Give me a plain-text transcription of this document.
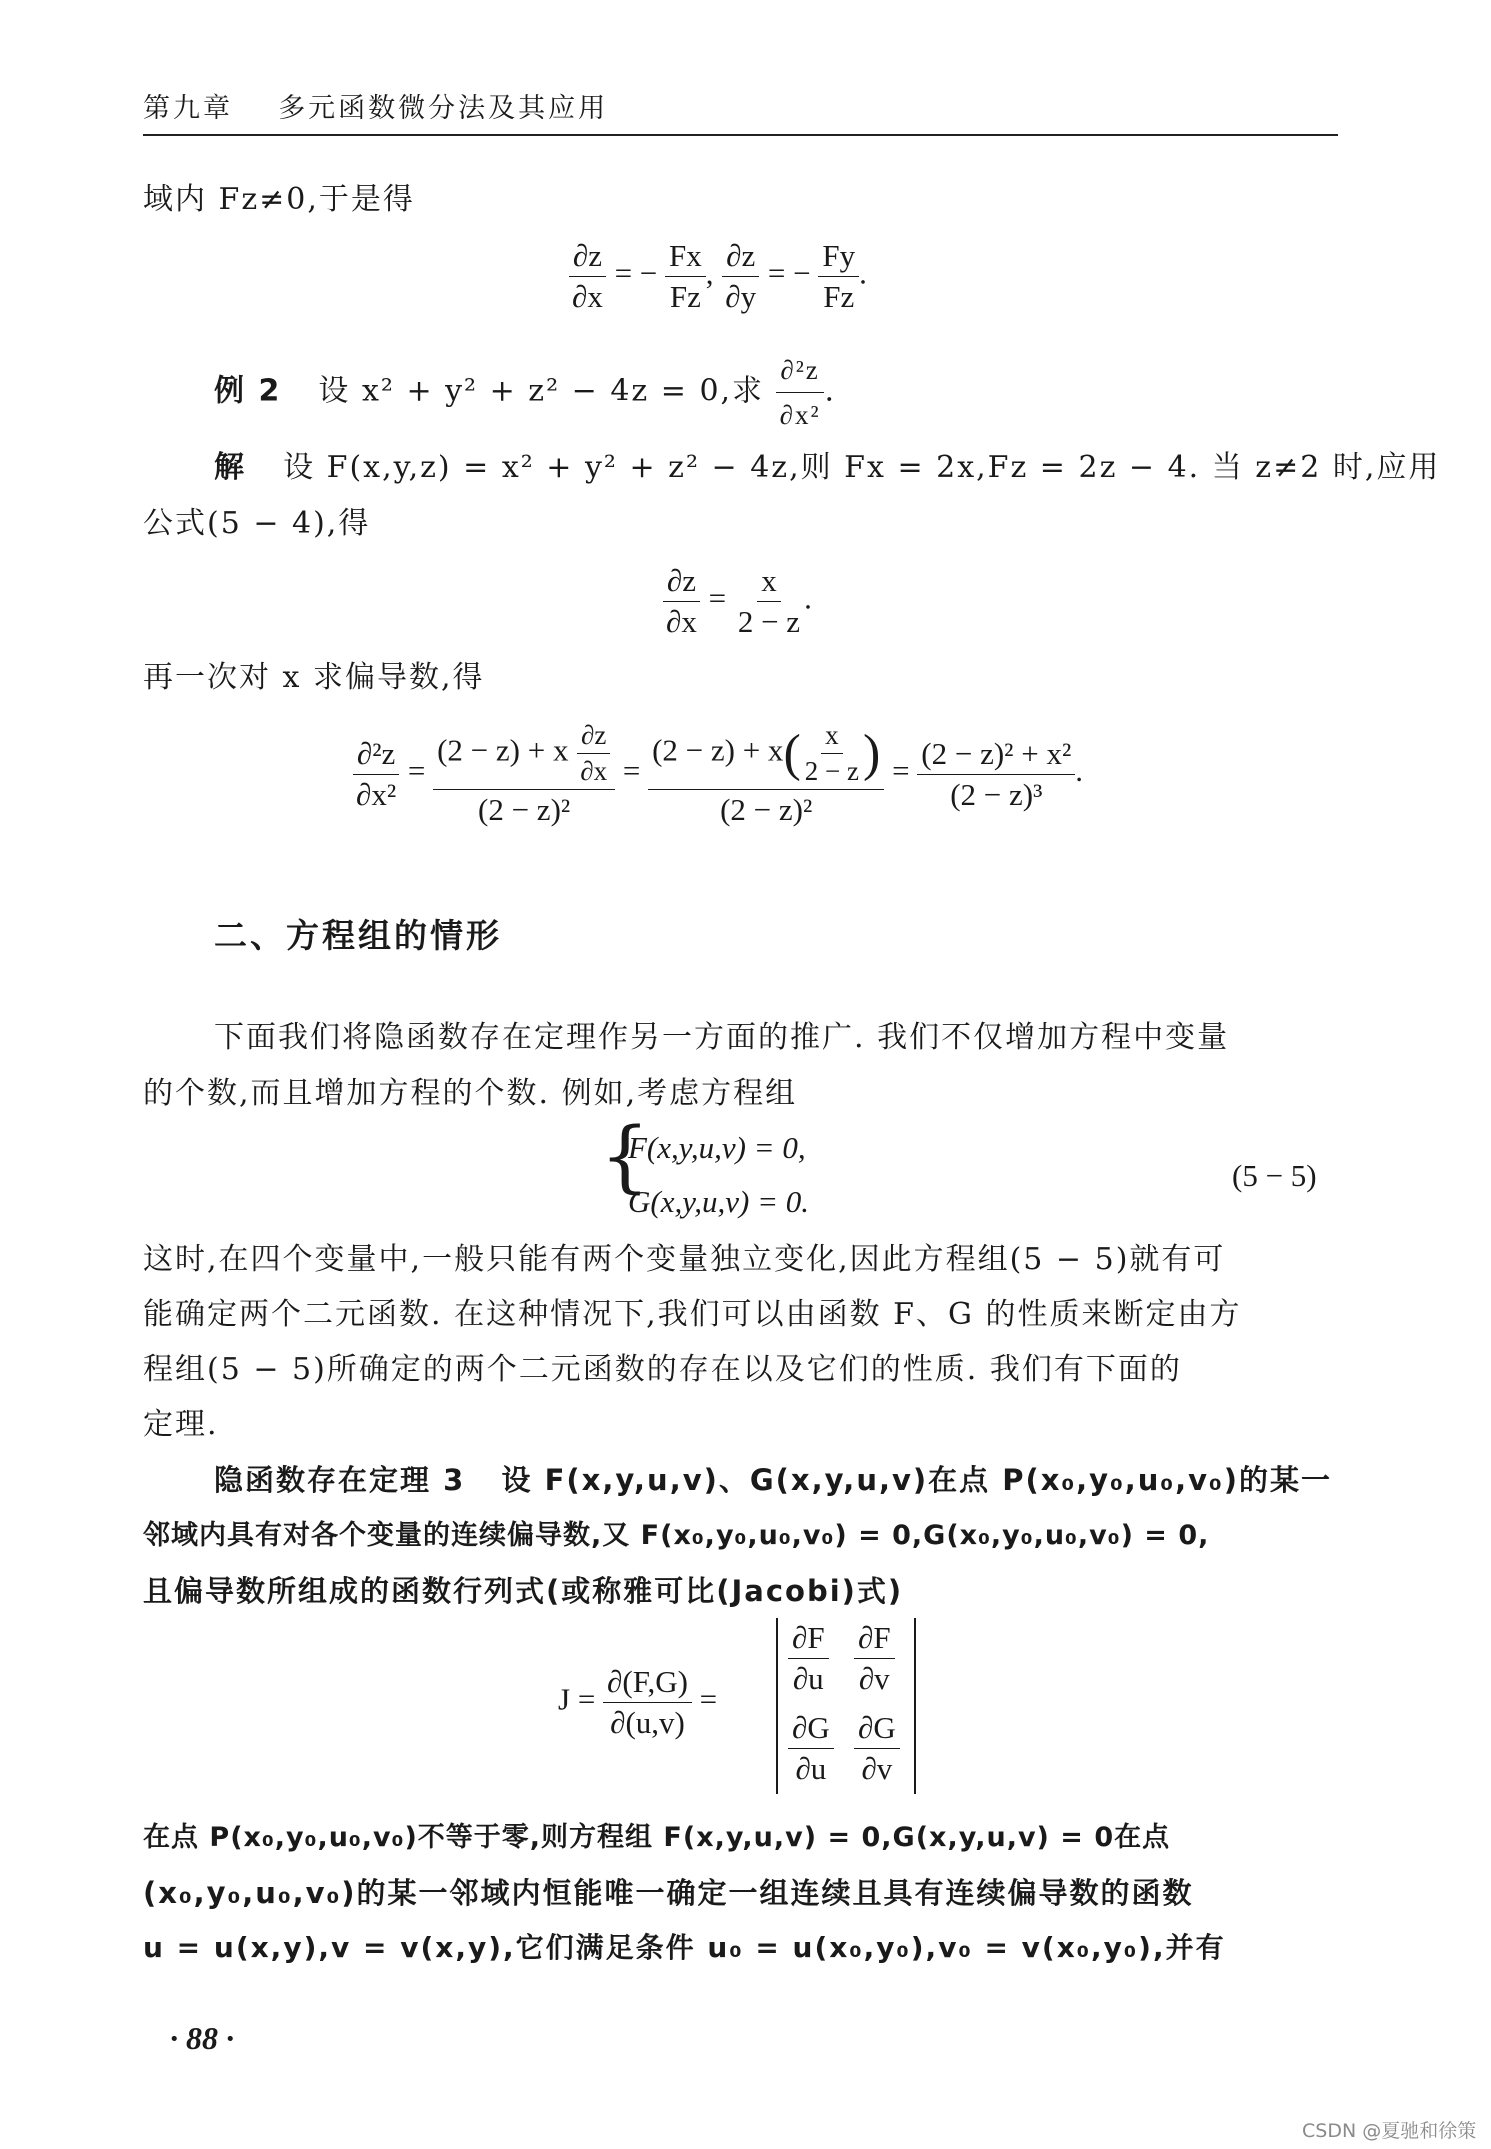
第九章 多元函数微分法及其应用
域内 Fz≠0,于是得
$\frac{\partial z}{\partial x}$ = − $\frac{Fx}{Fz}$ , $\frac{\partial z}{\partial y}$ = − $\frac{Fy}{Fz}$ .
例 2 设 x² + y² + z² − 4z = 0,求 $\frac{\text{∂²z}}{\text{∂x²}}$ .
解 设 F(x,y,z) = x² + y² + z² − 4z,则 Fx = 2x,Fz = 2z − 4. 当 z≠2 时,应用
公式(5 − 4),得
$\frac{\partial z}{\partial x} = \frac{x}{2 - z}$ .
再一次对 x 求偏导数,得
$\frac{\text{∂²z}}{\text{∂x²}} = \frac{(2 - z) + x \frac{\partial z}{\partial x}}{\text{(2 − z)²}} = \frac{(2 - z) + x( \frac{x}{2 - z} )}{\text{(2 − z)²}} = \frac{\text{(2 − z)² + x²}}{\text{(2 − z)³}}$ .
二、方程组的情形
下面我们将隐函数存在定理作另一方面的推广. 我们不仅增加方程中变量
的个数,而且增加方程的个数. 例如,考虑方程组
{
F(x,y,u,v) = 0,
G(x,y,u,v) = 0.
(5 − 5)
这时,在四个变量中,一般只能有两个变量独立变化,因此方程组(5 − 5)就有可
能确定两个二元函数. 在这种情况下,我们可以由函数 F、G 的性质来断定由方
程组(5 − 5)所确定的两个二元函数的存在以及它们的性质. 我们有下面的
定理.
隐函数存在定理 3 设 F(x,y,u,v)、G(x,y,u,v)在点 P(x₀,y₀,u₀,v₀)的某一
邻域内具有对各个变量的连续偏导数,又 F(x₀,y₀,u₀,v₀) = 0,G(x₀,y₀,u₀,v₀) = 0,
且偏导数所组成的函数行列式(或称雅可比(Jacobi)式)
$J = \frac{\partial(F,G)}{\partial(u,v)}$ =
$\frac{\partial F}{\partial u} \frac{\partial F}{\partial v}$
$\frac{\partial G}{\partial u} \frac{\partial G}{\partial v}$
在点 P(x₀,y₀,u₀,v₀)不等于零,则方程组 F(x,y,u,v) = 0,G(x,y,u,v) = 0在点
(x₀,y₀,u₀,v₀)的某一邻域内恒能唯一确定一组连续且具有连续偏导数的函数
u = u(x,y),v = v(x,y),它们满足条件 u₀ = u(x₀,y₀),v₀ = v(x₀,y₀),并有
· 88 ·
CSDN @夏驰和徐策
